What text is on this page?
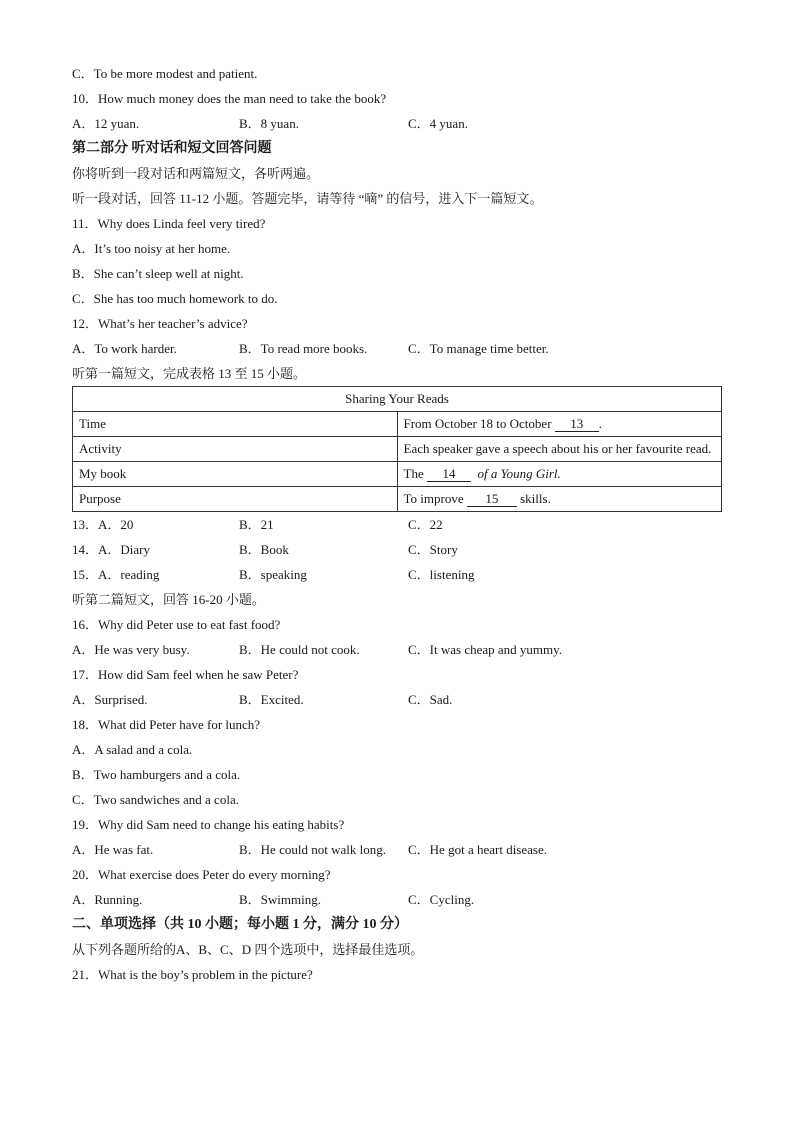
C．To be more modest and patient.
10．How much money does the man need to take the book?
A．12 yuan.	B．8 yuan.	C．4 yuan.
第二部分 听对话和短文回答问题
你将听到一段对话和两篇短文，各听两遍。
听一段对话，回答 11-12 小题。答题完毕，请等待 “嘀” 的信号，进入下一篇短文。
11．Why does Linda feel very tired?
A．It’s too noisy at her home.
B．She can’t sleep well at night.
C．She has too much homework to do.
12．What’s her teacher’s advice?
A．To work harder.	B．To read more books.	C．To manage time better.
听第一篇短文，完成表格 13 至 15 小题。
Sharing Your Reads	
Time	From October 18 to October 13 .
Activity	Each speaker gave a speech about his or her favourite read.
My book	The 14 of a Young Girl.
Purpose	To improve 15 skills.
13．A．20	B．21	C．22
14．A．Diary	B．Book	C．Story
15．A．reading	B．speaking	C．listening
听第二篇短文，回答 16-20 小题。
16．Why did Peter use to eat fast food?
A．He was very busy.	B．He could not cook.	C．It was cheap and yummy.
17．How did Sam feel when he saw Peter?
A．Surprised.	B．Excited.	C．Sad.
18．What did Peter have for lunch?
A．A salad and a cola.
B．Two hamburgers and a cola.
C．Two sandwiches and a cola.
19．Why did Sam need to change his eating habits?
A．He was fat.	B．He could not walk long. C．He got a heart disease.
20．What exercise does Peter do every morning?
A．Running.	B．Swimming.	C．Cycling.
二、单项选择（共 10 小题；每小题 1 分，满分 10 分）
从下列各题所给的A、B、C、D 四个选项中，选择最佳选项。
21．What is the boy’s problem in the picture?
